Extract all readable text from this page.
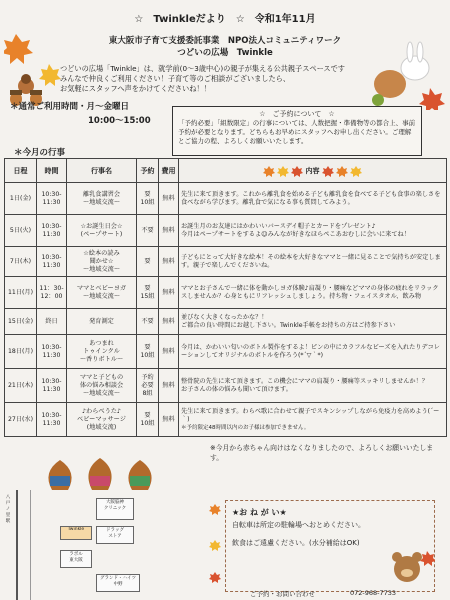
☆　Twinkleだより　☆　令和1年11月
東大阪市子育て支援委託事業　NPO法人コミュニティワーク
つどいの広場　Twinkle
つどいの広場「Twinkle」は、就学前(0～3歳中心)の親子が集える公共親子スペースです
みんなで仲良くご利用ください！子育て等のご相談がございましたら、
お気軽にスタッフへ声をかけてくださいね！！
＊通常ご利用時間・月～金曜日
10:00～15:00
☆　ご予約について　☆
「予約必要」「組数限定」の行事については、人数把握・準備物等の都合上、事前予約が必要となります。どちらもお早めにスタッフへお申し出ください。ご理解とご協力の程、よろしくお願いいたします。
＊今月の行事
日程	時間	行事名	予約	費用	内容
1日(金)	10:30-
11:30	離乳食講習会
～地域交流～	要
10組	無料	先生に来て頂きます。これから離乳食を始める子ども離乳食を食べてる子ども食事の楽しさを食べながら学びます。離乳食で気になる事も質問してみよう。
5日(火)	10:30-
11:30	☆お誕生日会☆
(ペープサート)	不要	無料	お誕生月のお友達にはかわいいバースデイ帽子とカードをプレゼント♪
今月はペープサートをするよ☺みんなが好きなほらぺこあおむしに会いに来てね！
7日(木)	10:30-
11:30	☆絵本の読み
聞かせ☆
～地域交流～	要	無料	子どもにとって大好きな絵本！その絵本を大好きなママと一緒に見ることで気持ちが安定します。親子で楽しんでくださいね。
11日(月)	11：30-
12：00	ママとベビーヨガ
～地域交流～	要
15組	無料	ママとお子さんで一緒に体を動かしヨガ体験♪肩凝り・腰痛などママの身体の疲れをリラックスしませんか？心身ともにリフレッシュしましょう。持ち物・フェイスタオル、飲み物
15日(金)	終日	発育測定	不要	無料	並びなく大きくなったかな？！
ご都合の良い時間にお越し下さい。Twinkle手帳をお持ちの方はご持参下さい
18日(月)	10:30-
11:30	あつまれ
トゥインクル
～香りボトル～	要
10組	無料	今月は、かわいい匂いのボトル製作をするよ！ピンの中にカラフルなビーズを入れたりデコレーションしてオリジナルのボトルを作ろう(*´▽｀*)
21日(木)	10:30-
11:30	ママと子どもの
体の悩み相談会
～地域交流～	予約必要
8組	無料	整骨院の先生に来て頂きます。この機会にママの肩凝り・腰痛等スッキリしませんか！？
お子さんの体の悩みも聞いて頂けます。
27日(水)	10:30-
11:30	♪わらべうた♪
ベビーマッサージ
(地域交流)	要
10組	無料	先生に来て頂きます。わらべ歌に合わせて親子でスキンシップしながら免疫力を高めよう(´ー｀)
＊予約限定48時間以内のお子様は参加できません。
※今月から赤ちゃん向けはなくなりましたので、よろしくお願いいたします。
八
戸
ノ
里
駅
大阪脳神
クリニック
Twinkle	ドラッグ
ストア
ラポル
東大阪
グランド・ハイツ
中野
★お ね が い★
自転車は所定の駐輪場へおとめください。
飲食はご遠慮ください。(水分補給はOK)
ご予約・お問い合わせ	072-968-7733
